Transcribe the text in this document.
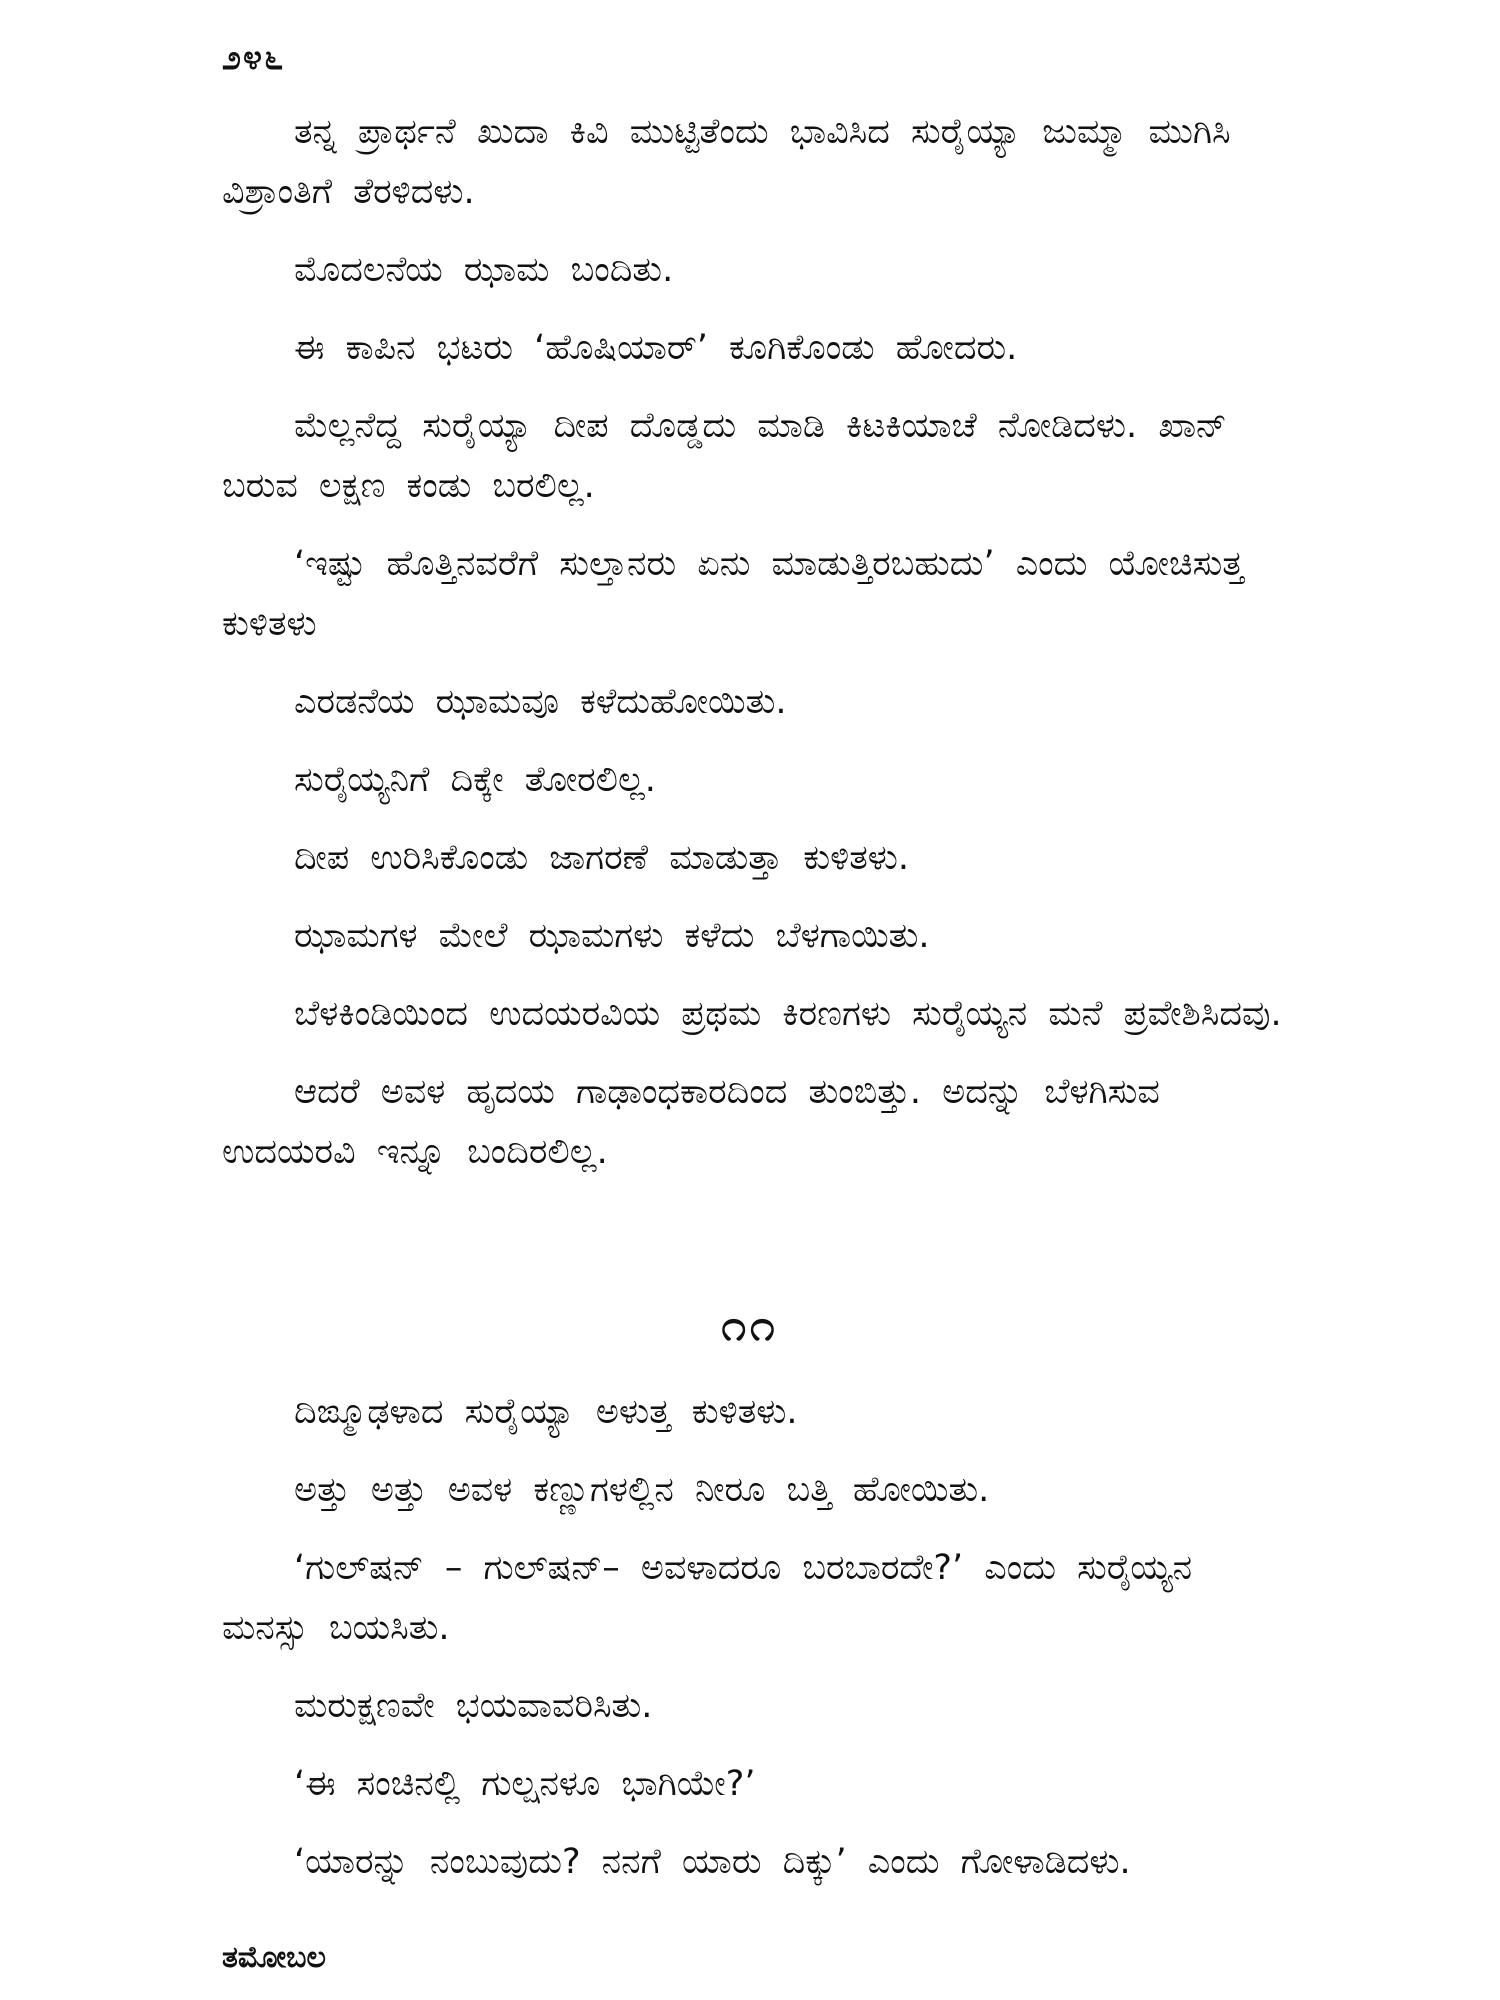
೨೪೬

ತನ್ನ ಪ್ರಾರ್ಥನೆ ಖುದಾ ಕಿವಿ ಮುಟ್ಟಿತೆಂದು ಭಾವಿಸಿದ ಸುರೈಯ್ಯಾ ಜುಮ್ಮಾ ಮುಗಿಸಿ ವಿಶ್ರಾಂತಿಗೆ ತೆರಳಿದಳು.

ಮೊದಲನೆಯ ಝಾಮ ಬಂದಿತು.

ಈ ಕಾಪಿನ ಭಟರು ‘ಹೊಷಿಯಾರ್’ ಕೂಗಿಕೊಂಡು ಹೋದರು.

ಮೆಲ್ಲನೆದ್ದ ಸುರೈಯ್ಯಾ ದೀಪ ದೊಡ್ಡದು ಮಾಡಿ ಕಿಟಕಿಯಾಚೆ ನೋಡಿದಳು. ಖಾನ್ ಬರುವ ಲಕ್ಷಣ ಕಂಡು ಬರಲಿಲ್ಲ.

‘ಇಷ್ಟು ಹೊತ್ತಿನವರೆಗೆ ಸುಲ್ತಾನರು ಏನು ಮಾಡುತ್ತಿರಬಹುದು’ ಎಂದು ಯೋಚಿಸುತ್ತ ಕುಳಿತಳು

ಎರಡನೆಯ ಝಾಮವೂ ಕಳೆದುಹೋಯಿತು.

ಸುರೈಯ್ಯನಿಗೆ ದಿಕ್ಕೇ ತೋರಲಿಲ್ಲ.

ದೀಪ ಉರಿಸಿಕೊಂಡು ಜಾಗರಣೆ ಮಾಡುತ್ತಾ ಕುಳಿತಳು.

ಝಾಮಗಳ ಮೇಲೆ ಝಾಮಗಳು ಕಳೆದು ಬೆಳಗಾಯಿತು.

ಬೆಳಕಿಂಡಿಯಿಂದ ಉದಯರವಿಯ ಪ್ರಥಮ ಕಿರಣಗಳು ಸುರೈಯ್ಯನ ಮನೆ ಪ್ರವೇಶಿಸಿದವು.

ಆದರೆ ಅವಳ ಹೃದಯ ಗಾಢಾಂಧಕಾರದಿಂದ ತುಂಬಿತ್ತು. ಅದನ್ನು ಬೆಳಗಿಸುವ ಉದಯರವಿ ಇನ್ನೂ ಬಂದಿರಲಿಲ್ಲ.

೧೧

ದಿಙ್ಮೂಢಳಾದ ಸುರೈಯ್ಯಾ ಅಳುತ್ತ ಕುಳಿತಳು.

ಅತ್ತು ಅತ್ತು ಅವಳ ಕಣ್ಣುಗಳಲ್ಲಿನ ನೀರೂ ಬತ್ತಿ ಹೋಯಿತು.

‘ಗುಲ್‌ಷನ್ – ಗುಲ್‌ಷನ್– ಅವಳಾದರೂ ಬರಬಾರದೇ?’ ಎಂದು ಸುರೈಯ್ಯನ ಮನಸ್ಸು ಬಯಸಿತು.

ಮರುಕ್ಷಣವೇ ಭಯವಾವರಿಸಿತು.

‘ಈ ಸಂಚಿನಲ್ಲಿ ಗುಲ್ಷನಳೂ ಭಾಗಿಯೇ?’

‘ಯಾರನ್ನು ನಂಬುವುದು? ನನಗೆ ಯಾರು ದಿಕ್ಕು’ ಎಂದು ಗೋಳಾಡಿದಳು.

ತಮೋಬಲ
